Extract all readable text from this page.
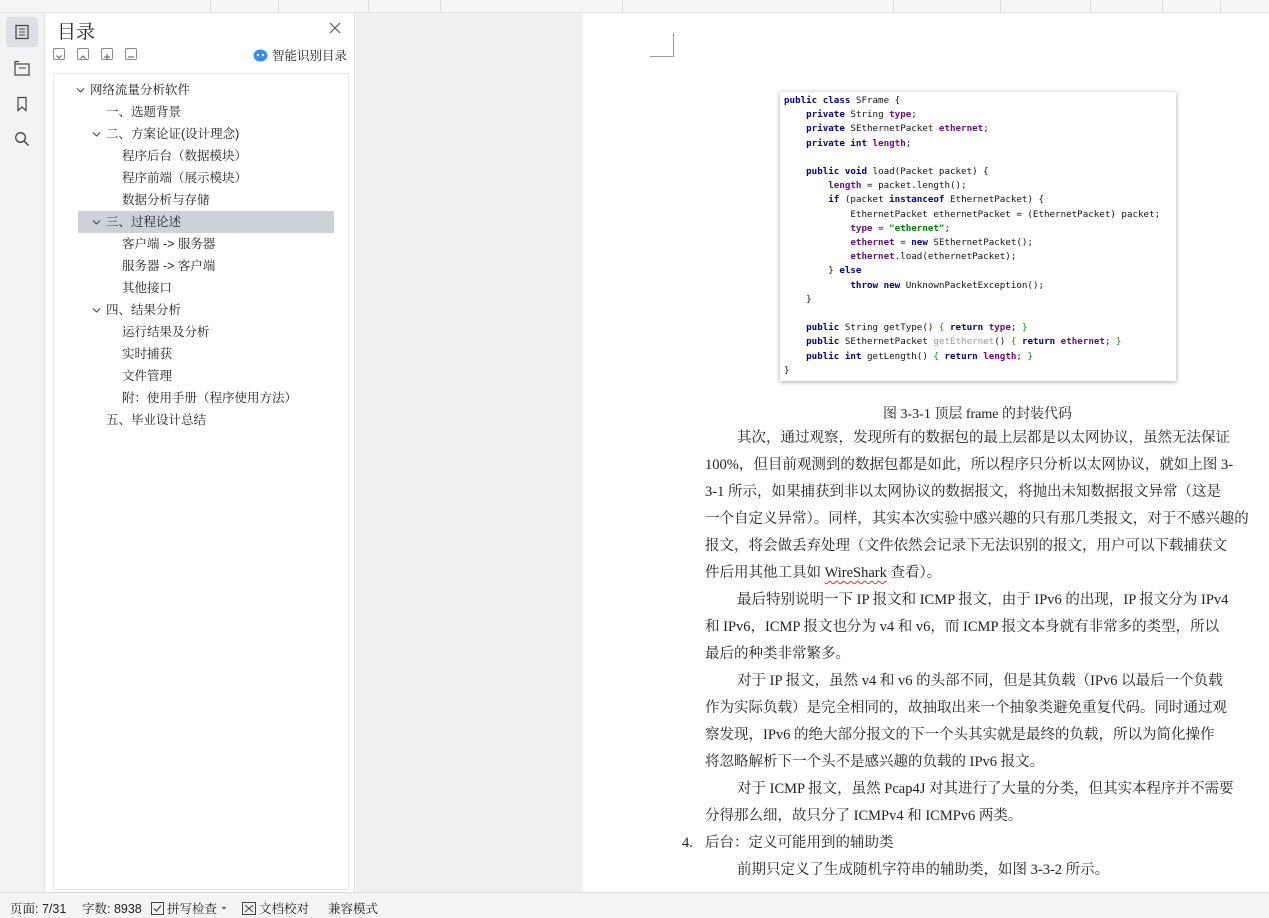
目录
智能识别目录
网络流量分析软件
一、选题背景
二、方案论证(设计理念)
程序后台（数据模块）
程序前端（展示模块）
数据分析与存储
三、过程论述
客户端 -> 服务器
服务器 -> 客户端
其他接口
四、结果分析
运行结果及分析
实时捕获
文件管理
附：使用手册（程序使用方法）
五、毕业设计总结
public class SFrame {
private String type;
private SEthernetPacket ethernet;
private int length;
public void load(Packet packet) {
length = packet.length();
if (packet instanceof EthernetPacket) {
EthernetPacket ethernetPacket = (EthernetPacket) packet;
type = "ethernet";
ethernet = new SEthernetPacket();
ethernet.load(ethernetPacket);
} else
throw new UnknownPacketException();
}
public String getType() { return type; }
public SEthernetPacket getEthernet() { return ethernet; }
public int getLength() { return length; }
}
图 3-3-1 顶层 frame 的封装代码
其次，通过观察，发现所有的数据包的最上层都是以太网协议，虽然无法保证
100%，但目前观测到的数据包都是如此，所以程序只分析以太网协议，就如上图 3-
3-1 所示，如果捕获到非以太网协议的数据报文，将抛出未知数据报文异常（这是
一个自定义异常）。同样，其实本次实验中感兴趣的只有那几类报文，对于不感兴趣的
报文，将会做丢弃处理（文件依然会记录下无法识别的报文，用户可以下载捕获文
件后用其他工具如 WireShark 查看）。
最后特别说明一下 IP 报文和 ICMP 报文，由于 IPv6 的出现，IP 报文分为 IPv4
和 IPv6，ICMP 报文也分为 v4 和 v6，而 ICMP 报文本身就有非常多的类型，所以
最后的种类非常繁多。
对于 IP 报文，虽然 v4 和 v6 的头部不同，但是其负载（IPv6 以最后一个负载
作为实际负载）是完全相同的，故抽取出来一个抽象类避免重复代码。同时通过观
察发现，IPv6 的绝大部分报文的下一个头其实就是最终的负载，所以为简化操作
将忽略解析下一个头不是感兴趣的负载的 IPv6 报文。
对于 ICMP 报文，虽然 Pcap4J 对其进行了大量的分类，但其实本程序并不需要
分得那么细，故只分了 ICMPv4 和 ICMPv6 两类。
后台：定义可能用到的辅助类
4.
前期只定义了生成随机字符串的辅助类，如图 3-3-2 所示。
页面: 7/31 字数: 8938 拼写检查	文档校对 兼容模式
